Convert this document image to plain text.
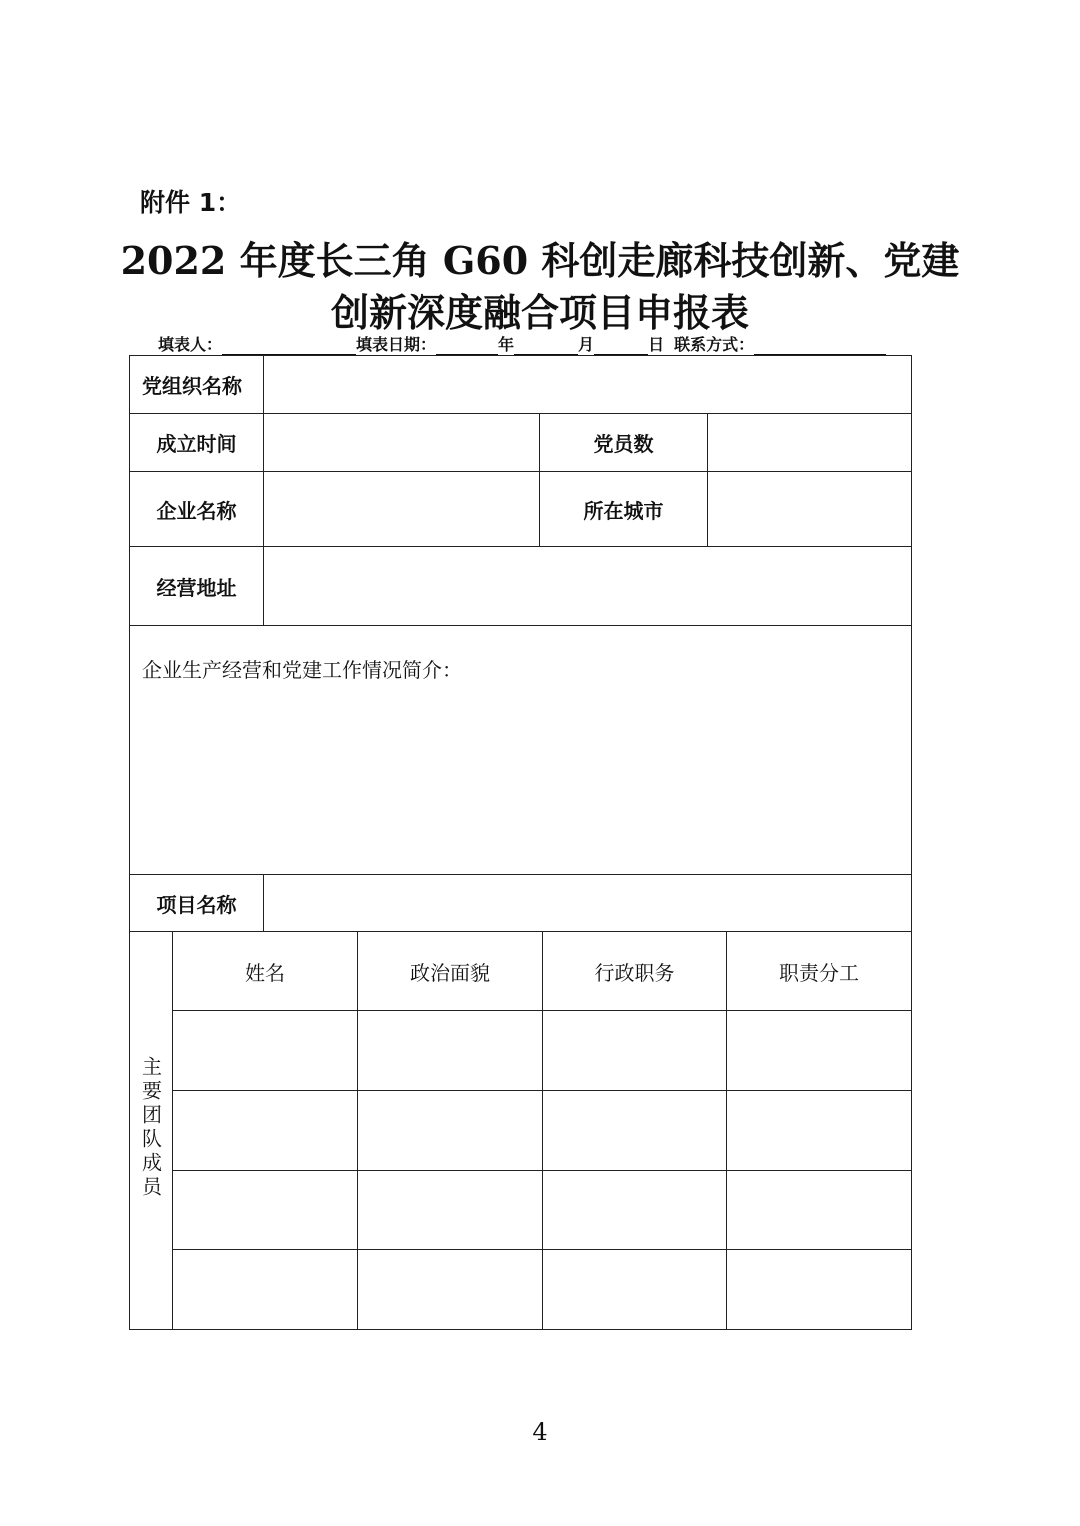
附件 1：
2022 年度长三角 G60 科创走廊科技创新、党建
创新深度融合项目申报表
填表人：	填表日期：	年	月	日 联系方式：
党组织名称			
成立时间		党员数	
企业名称		所在城市	
经营地址			
企业生产经营和党建工作情况简介：			
项目名称			
主要团队成员	姓名	政治面貌	行政职务	职责分工

4
